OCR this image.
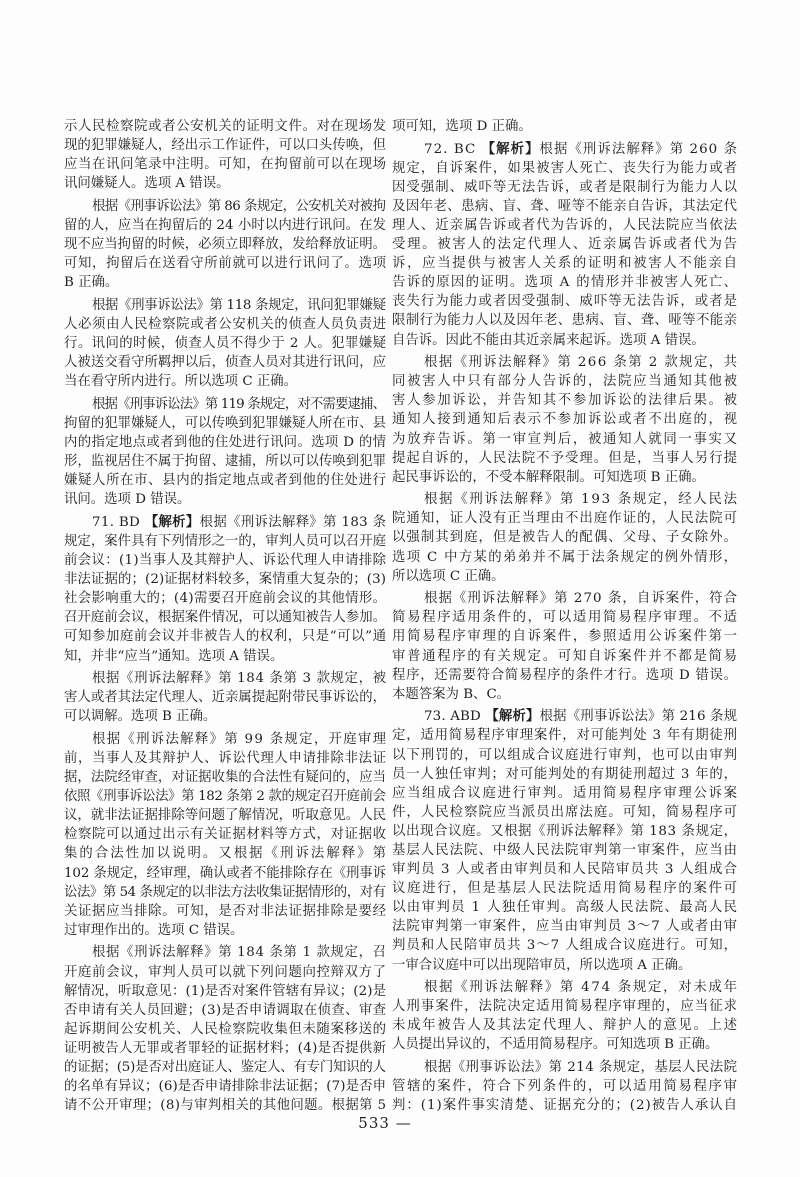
示人民检察院或者公安机关的证明文件。对在现场发
现的犯罪嫌疑人，经出示工作证件，可以口头传唤，但
应当在讯问笔录中注明。可知，在拘留前可以在现场
讯问嫌疑人。选项 A 错误。
根据《刑事诉讼法》第 86 条规定，公安机关对被拘
留的人，应当在拘留后的 24 小时以内进行讯问。在发
现不应当拘留的时候，必须立即释放，发给释放证明。
可知，拘留后在送看守所前就可以进行讯问了。选项
B 正确。
根据《刑事诉讼法》第 118 条规定，讯问犯罪嫌疑
人必须由人民检察院或者公安机关的侦查人员负责进
行。讯问的时候，侦查人员不得少于 2 人。犯罪嫌疑
人被送交看守所羁押以后，侦查人员对其进行讯问，应
当在看守所内进行。所以选项 C 正确。
根据《刑事诉讼法》第 119 条规定，对不需要逮捕、
拘留的犯罪嫌疑人，可以传唤到犯罪嫌疑人所在市、县
内的指定地点或者到他的住处进行讯问。选项 D 的情
形，监视居住不属于拘留、逮捕，所以可以传唤到犯罪
嫌疑人所在市、县内的指定地点或者到他的住处进行
讯问。选项 D 错误。
71. BD 【解析】根据《刑诉法解释》第 183 条
规定，案件具有下列情形之一的，审判人员可以召开庭
前会议：(1)当事人及其辩护人、诉讼代理人申请排除
非法证据的；(2)证据材料较多，案情重大复杂的；(3)
社会影响重大的；(4)需要召开庭前会议的其他情形。
召开庭前会议，根据案件情况，可以通知被告人参加。
可知参加庭前会议并非被告人的权利，只是“可以”通
知，并非“应当”通知。选项 A 错误。
根据《刑诉法解释》第 184 条第 3 款规定，被
害人或者其法定代理人、近亲属提起附带民事诉讼的，
可以调解。选项 B 正确。
根据《刑诉法解释》第 99 条规定，开庭审理
前，当事人及其辩护人、诉讼代理人申请排除非法证
据，法院经审查，对证据收集的合法性有疑问的，应当
依照《刑事诉讼法》第 182 条第 2 款的规定召开庭前会
议，就非法证据排除等问题了解情况，听取意见。人民
检察院可以通过出示有关证据材料等方式，对证据收
集的合法性加以说明。又根据《刑诉法解释》第
102 条规定，经审理，确认或者不能排除存在《刑事诉
讼法》第 54 条规定的以非法方法收集证据情形的，对有
关证据应当排除。可知，是否对非法证据排除是要经
过审理作出的。选项 C 错误。
根据《刑诉法解释》第 184 条第 1 款规定，召
开庭前会议，审判人员可以就下列问题向控辩双方了
解情况，听取意见：(1)是否对案件管辖有异议；(2)是
否申请有关人员回避；(3)是否申请调取在侦查、审查
起诉期间公安机关、人民检察院收集但未随案移送的
证明被告人无罪或者罪轻的证据材料；(4)是否提供新
的证据；(5)是否对出庭证人、鉴定人、有专门知识的人
的名单有异议；(6)是否申请排除非法证据；(7)是否申
请不公开审理；(8)与审判相关的其他问题。根据第 5
项可知，选项 D 正确。
72. BC 【解析】根据《刑诉法解释》第 260 条
规定，自诉案件，如果被害人死亡、丧失行为能力或者
因受强制、威吓等无法告诉，或者是限制行为能力人以
及因年老、患病、盲、聋、哑等不能亲自告诉，其法定代
理人、近亲属告诉或者代为告诉的，人民法院应当依法
受理。被害人的法定代理人、近亲属告诉或者代为告
诉，应当提供与被害人关系的证明和被害人不能亲自
告诉的原因的证明。选项 A 的情形并非被害人死亡、
丧失行为能力或者因受强制、威吓等无法告诉，或者是
限制行为能力人以及因年老、患病、盲、聋、哑等不能亲
自告诉。因此不能由其近亲属来起诉。选项 A 错误。
根据《刑诉法解释》第 266 条第 2 款规定，共
同被害人中只有部分人告诉的，法院应当通知其他被
害人参加诉讼，并告知其不参加诉讼的法律后果。被
通知人接到通知后表示不参加诉讼或者不出庭的，视
为放弃告诉。第一审宣判后，被通知人就同一事实又
提起自诉的，人民法院不予受理。但是，当事人另行提
起民事诉讼的，不受本解释限制。可知选项 B 正确。
根据《刑诉法解释》第 193 条规定，经人民法
院通知，证人没有正当理由不出庭作证的，人民法院可
以强制其到庭，但是被告人的配偶、父母、子女除外。
选项 C 中方某的弟弟并不属于法条规定的例外情形，
所以选项 C 正确。
根据《刑诉法解释》第 270 条，自诉案件，符合
简易程序适用条件的，可以适用简易程序审理。不适
用简易程序审理的自诉案件，参照适用公诉案件第一
审普通程序的有关规定。可知自诉案件并不都是简易
程序，还需要符合简易程序的条件才行。选项 D 错误。
本题答案为 B、C。
73. ABD 【解析】根据《刑事诉讼法》第 216 条规
定，适用简易程序审理案件，对可能判处 3 年有期徒刑
以下刑罚的，可以组成合议庭进行审判，也可以由审判
员一人独任审判；对可能判处的有期徒刑超过 3 年的，
应当组成合议庭进行审判。适用简易程序审理公诉案
件，人民检察院应当派员出席法庭。可知，简易程序可
以出现合议庭。又根据《刑诉法解释》第 183 条规定，
基层人民法院、中级人民法院审判第一审案件，应当由
审判员 3 人或者由审判员和人民陪审员共 3 人组成合
议庭进行，但是基层人民法院适用简易程序的案件可
以由审判员 1 人独任审判。高级人民法院、最高人民
法院审判第一审案件，应当由审判员 3～7 人或者由审
判员和人民陪审员共 3～7 人组成合议庭进行。可知，
一审合议庭中可以出现陪审员，所以选项 A 正确。
根据《刑诉法解释》第 474 条规定，对未成年
人刑事案件，法院决定适用简易程序审理的，应当征求
未成年被告人及其法定代理人、辩护人的意见。上述
人员提出异议的，不适用简易程序。可知选项 B 正确。
根据《刑事诉讼法》第 214 条规定，基层人民法院
管辖的案件，符合下列条件的，可以适用简易程序审
判：(1)案件事实清楚、证据充分的；(2)被告人承认自
533 —
